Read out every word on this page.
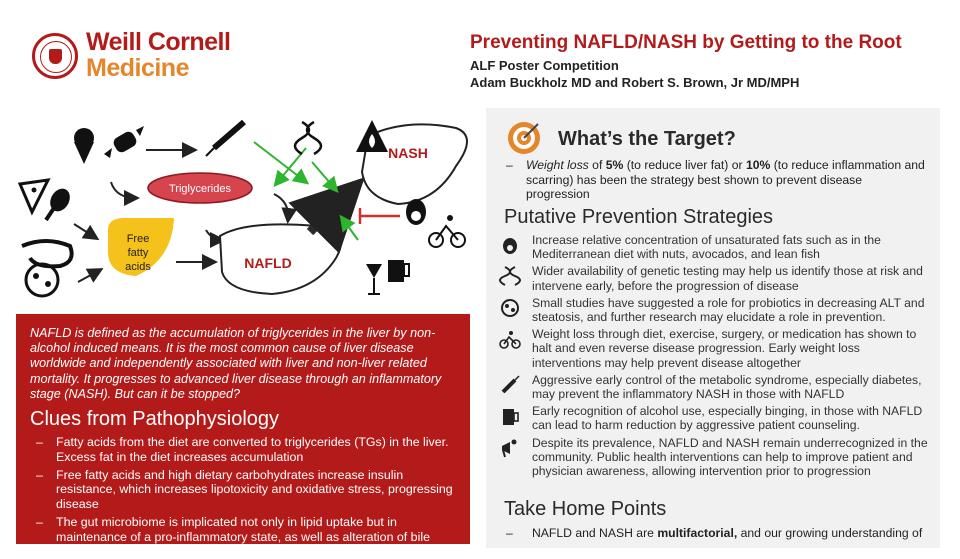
Weill Cornell
Medicine
Preventing NAFLD/NASH by Getting to the Root
ALF Poster Competition
Adam Buckholz MD and Robert S. Brown, Jr MD/MPH
Triglycerides
Free
fatty
acids	NAFLD
NASH

NAFLD is defined as the accumulation of triglycerides in the liver by non-alcohol induced means. It is the most common cause of liver disease worldwide and independently associated with liver and non-liver related mortality. It progresses to advanced liver disease through an inflammatory stage (NASH). But can it be stopped?

Clues from Pathophysiology
– Fatty acids from the diet are converted to triglycerides (TGs) in the liver. Excess fat in the diet increases accumulation
– Free fatty acids and high dietary carbohydrates increase insulin resistance, which increases lipotoxicity and oxidative stress, progressing disease
– The gut microbiome is implicated not only in lipid uptake but in maintenance of a pro-inflammatory state, as well as alteration of bile acid
What’s the Target?
– Weight loss of 5% (to reduce liver fat) or 10% (to reduce inflammation and scarring) has been the strategy best shown to prevent disease progression
Putative Prevention Strategies
Increase relative concentration of unsaturated fats such as in the Mediterranean diet with nuts, avocados, and lean fish
Wider availability of genetic testing may help us identify those at risk and intervene early, before the progression of disease
Small studies have suggested a role for probiotics in decreasing ALT and steatosis, and further research may elucidate a role in prevention.
Weight loss through diet, exercise, surgery, or medication has shown to halt and even reverse disease progression. Early weight loss interventions may help prevent disease altogether
Aggressive early control of the metabolic syndrome, especially diabetes, may prevent the inflammatory NASH in those with NAFLD
Early recognition of alcohol use, especially binging, in those with NAFLD can lead to harm reduction by aggressive patient counseling.
Despite its prevalence, NAFLD and NASH remain underrecognized in the community. Public health interventions can help to improve patient and physician awareness, allowing intervention prior to progression
Take Home Points
– NAFLD and NASH are multifactorial, and our growing understanding of
